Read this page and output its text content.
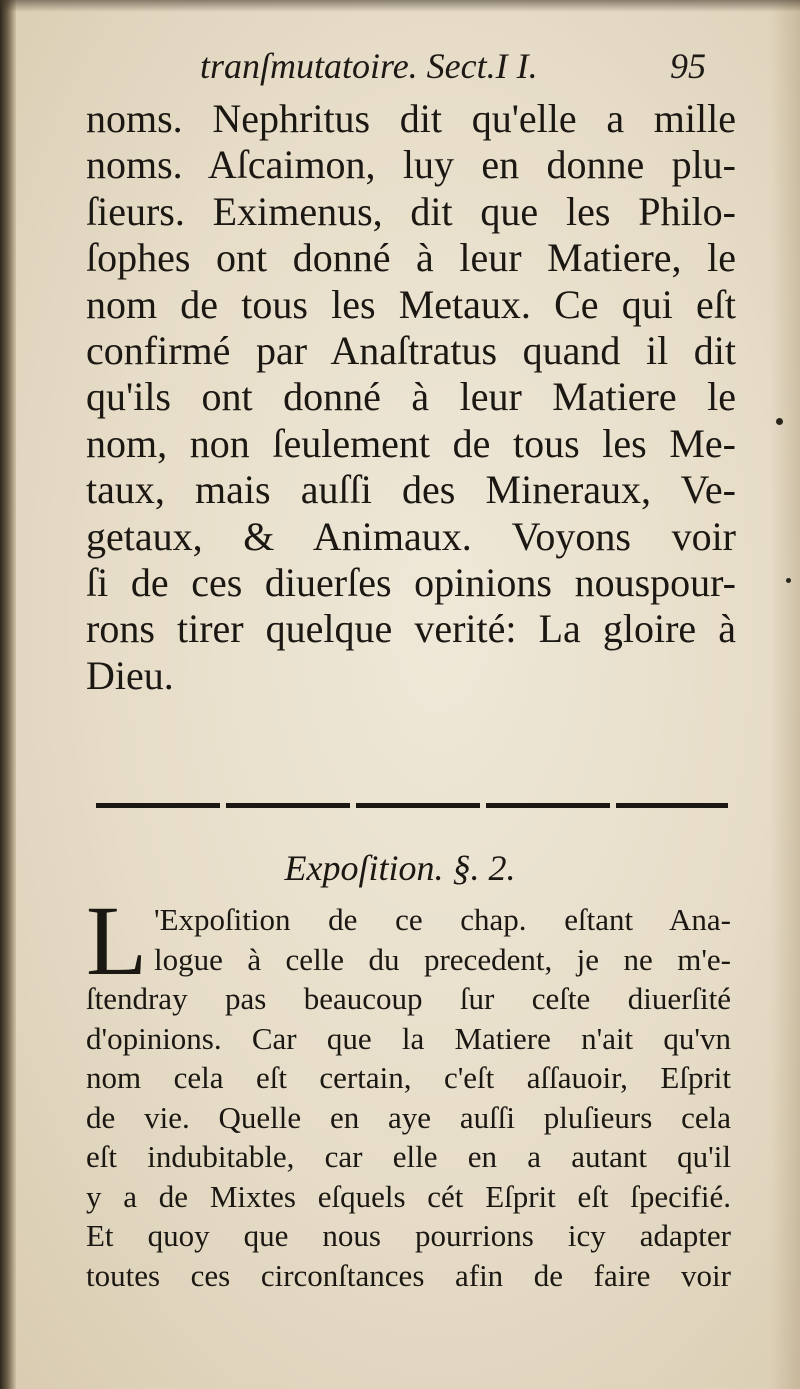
tranſmutatoire. Sect.I I.	95
noms. Nephritus dit qu'elle a mille
noms. Aſcaimon, luy en donne plu-
ſieurs. Eximenus, dit que les Philo-
ſophes ont donné à leur Matiere, le
nom de tous les Metaux. Ce qui eſt
confirmé par Anaſtratus quand il dit
qu'ils ont donné à leur Matiere le
nom, non ſeulement de tous les Me-
taux, mais auſſi des Mineraux, Ve-
getaux, & Animaux. Voyons voir
ſi de ces diuerſes opinions nouspour-
rons tirer quelque verité: La gloire à
Dieu.
Expoſition. §. 2.
L 'Expoſition de ce chap. eſtant Ana-
logue à celle du precedent, je ne m'e-
ſtendray pas beaucoup ſur ceſte diuerſité
d'opinions. Car que la Matiere n'ait qu'vn
nom cela eſt certain, c'eſt aſſauoir, Eſprit
de vie. Quelle en aye auſſi pluſieurs cela
eſt indubitable, car elle en a autant qu'il
y a de Mixtes eſquels cét Eſprit eſt ſpecifié.
Et quoy que nous pourrions icy adapter
toutes ces circonſtances afin de faire voir
